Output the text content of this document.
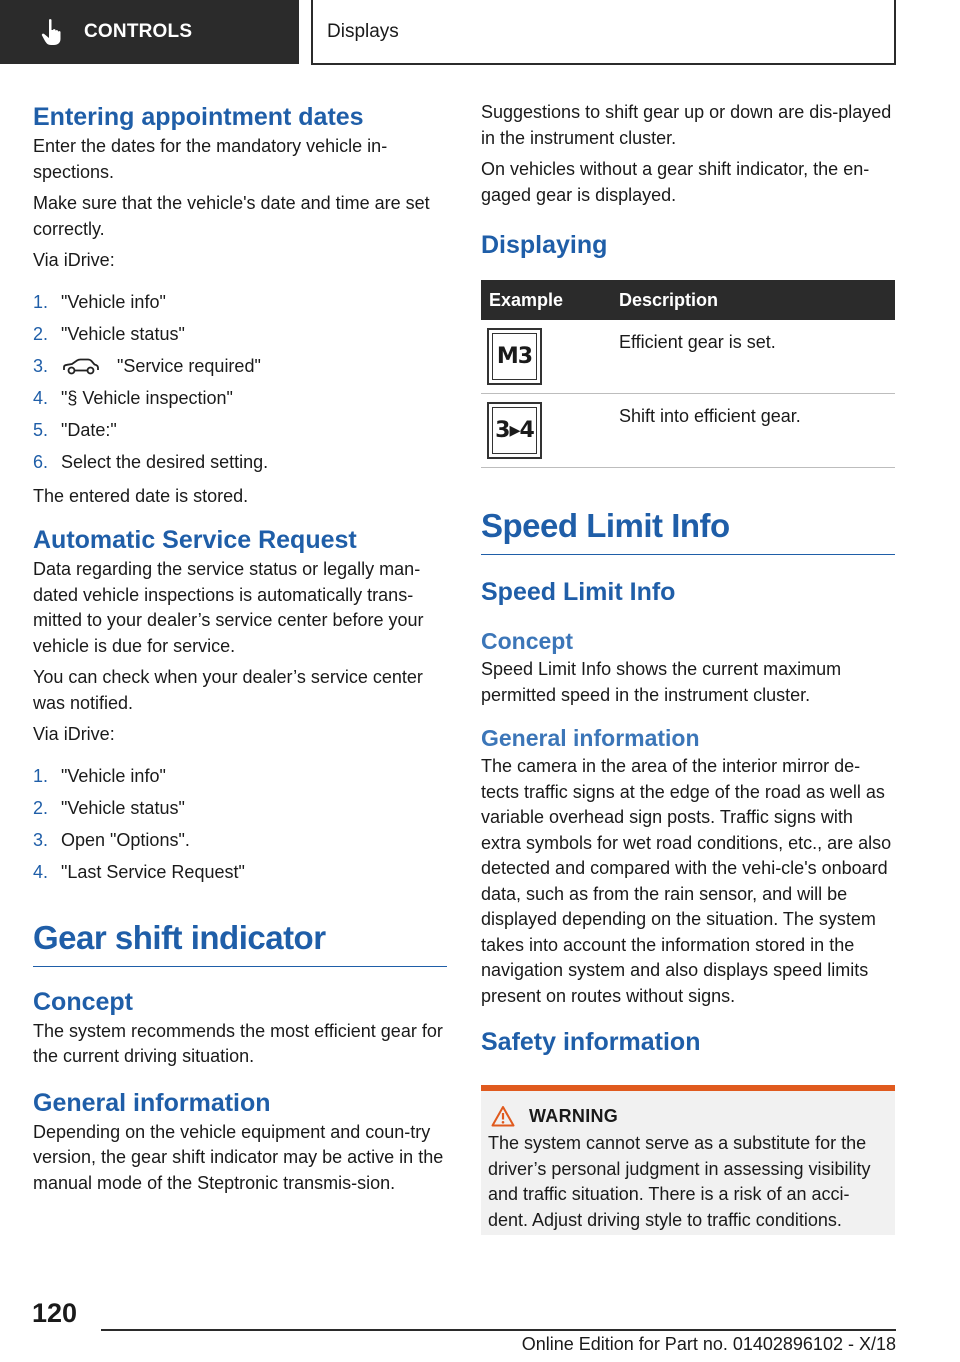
CONTROLS	Displays
Entering appointment dates

Enter the dates for the mandatory vehicle in-spections.

Make sure that the vehicle's date and time are set correctly.

Via iDrive:

1. "Vehicle info"
2. "Vehicle status"
3.	"Service required"
4. "§ Vehicle inspection"
5. "Date:"
6. Select the desired setting.

The entered date is stored.

Automatic Service Request

Data regarding the service status or legally man-dated vehicle inspections is automatically trans-mitted to your dealer’s service center before your vehicle is due for service.

You can check when your dealer’s service center was notified.

Via iDrive:

1. "Vehicle info"
2. "Vehicle status"
3. Open "Options".
4. "Last Service Request"
Gear shift indicator
Concept

The system recommends the most efficient gear for the current driving situation.

General information

Depending on the vehicle equipment and coun-try version, the gear shift indicator may be active in the manual mode of the Steptronic transmis-sion.

Suggestions to shift gear up or down are dis-played in the instrument cluster.

On vehicles without a gear shift indicator, the en-gaged gear is displayed.

Displaying
Example	Description

M3	Efficient gear is set.

3▸4	Shift into efficient gear.
Speed Limit Info
Speed Limit Info
Concept

Speed Limit Info shows the current maximum permitted speed in the instrument cluster.

General information

The camera in the area of the interior mirror de-tects traffic signs at the edge of the road as well as variable overhead sign posts. Traffic signs with extra symbols for wet road conditions, etc., are also detected and compared with the vehi-cle's onboard data, such as from the rain sensor, and will be displayed depending on the situation. The system takes into account the information stored in the navigation system and also displays speed limits present on routes without signs.

Safety information
WARNING

The system cannot serve as a substitute for the driver’s personal judgment in assessing visibility and traffic situation. There is a risk of an acci-dent. Adjust driving style to traffic conditions.

120
Online Edition for Part no. 01402896102 - X/18
